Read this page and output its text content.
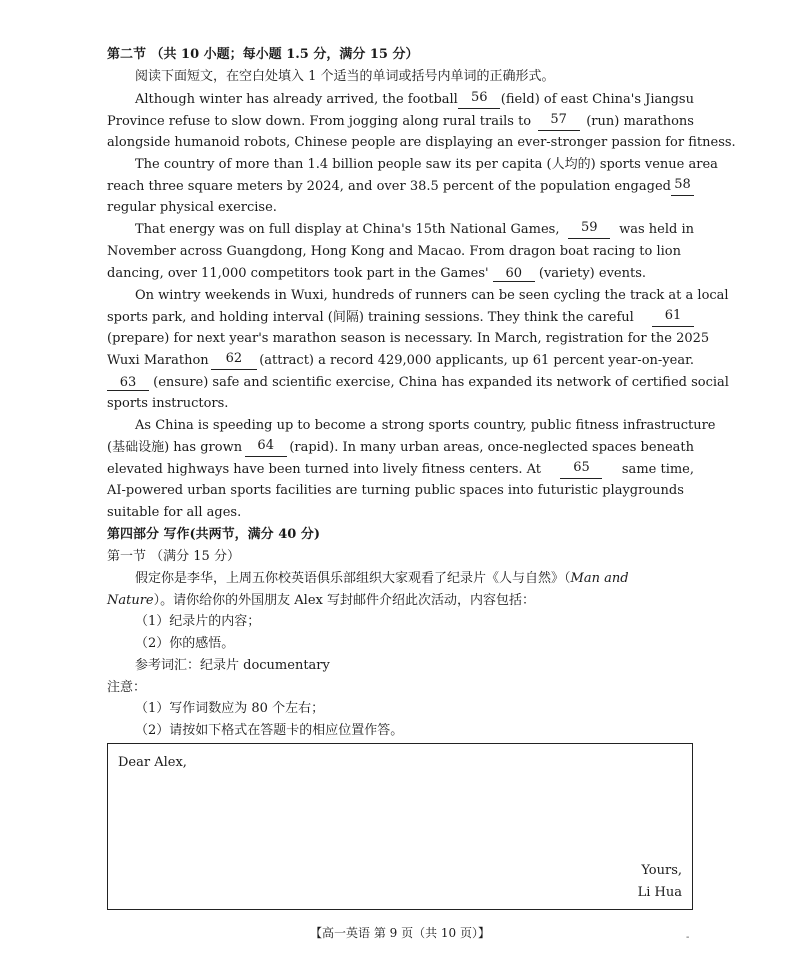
第二节 （共 10 小题；每小题 1.5 分，满分 15 分）
阅读下面短文，在空白处填入 1 个适当的单词或括号内单词的正确形式。
Although winter has already arrived, the football	56	(field) of east China's Jiangsu
Province refuse to slow down. From jogging along rural trails to	57	(run) marathons
alongside humanoid robots, Chinese people are displaying an ever-stronger passion for fitness.
The country of more than 1.4 billion people saw its per capita (人均的) sports venue area
reach three square meters by 2024, and over 38.5 percent of the population engaged 58
regular physical exercise.
That energy was on full display at China's 15th National Games,	59	was held in
November across Guangdong, Hong Kong and Macao. From dragon boat racing to lion
dancing, over 11,000 competitors took part in the Games' 60 (variety) events.
On wintry weekends in Wuxi, hundreds of runners can be seen cycling the track at a local
sports park, and holding interval (间隔) training sessions. They think the careful	61
(prepare) for next year's marathon season is necessary. In March, registration for the 2025
Wuxi Marathon	62	(attract) a record 429,000 applicants, up 61 percent year-on-year.
63 (ensure) safe and scientific exercise, China has expanded its network of certified social
sports instructors.
As China is speeding up to become a strong sports country, public fitness infrastructure
(基础设施) has grown	64	(rapid). In many urban areas, once-neglected spaces beneath
elevated highways have been turned into lively fitness centers. At	65	same time,
AI-powered urban sports facilities are turning public spaces into futuristic playgrounds
suitable for all ages.
第四部分 写作(共两节，满分 40 分)
第一节 （满分 15 分）
假定你是李华，上周五你校英语俱乐部组织大家观看了纪录片《人与自然》（Man and
Nature）。请你给你的外国朋友 Alex 写封邮件介绍此次活动，内容包括：
（1）纪录片的内容；
（2）你的感悟。
参考词汇：纪录片 documentary
注意：
（1）写作词数应为 80 个左右；
（2）请按如下格式在答题卡的相应位置作答。
Dear Alex,
Yours,
Li Hua
【高一英语 第 9 页（共 10 页）】	-
